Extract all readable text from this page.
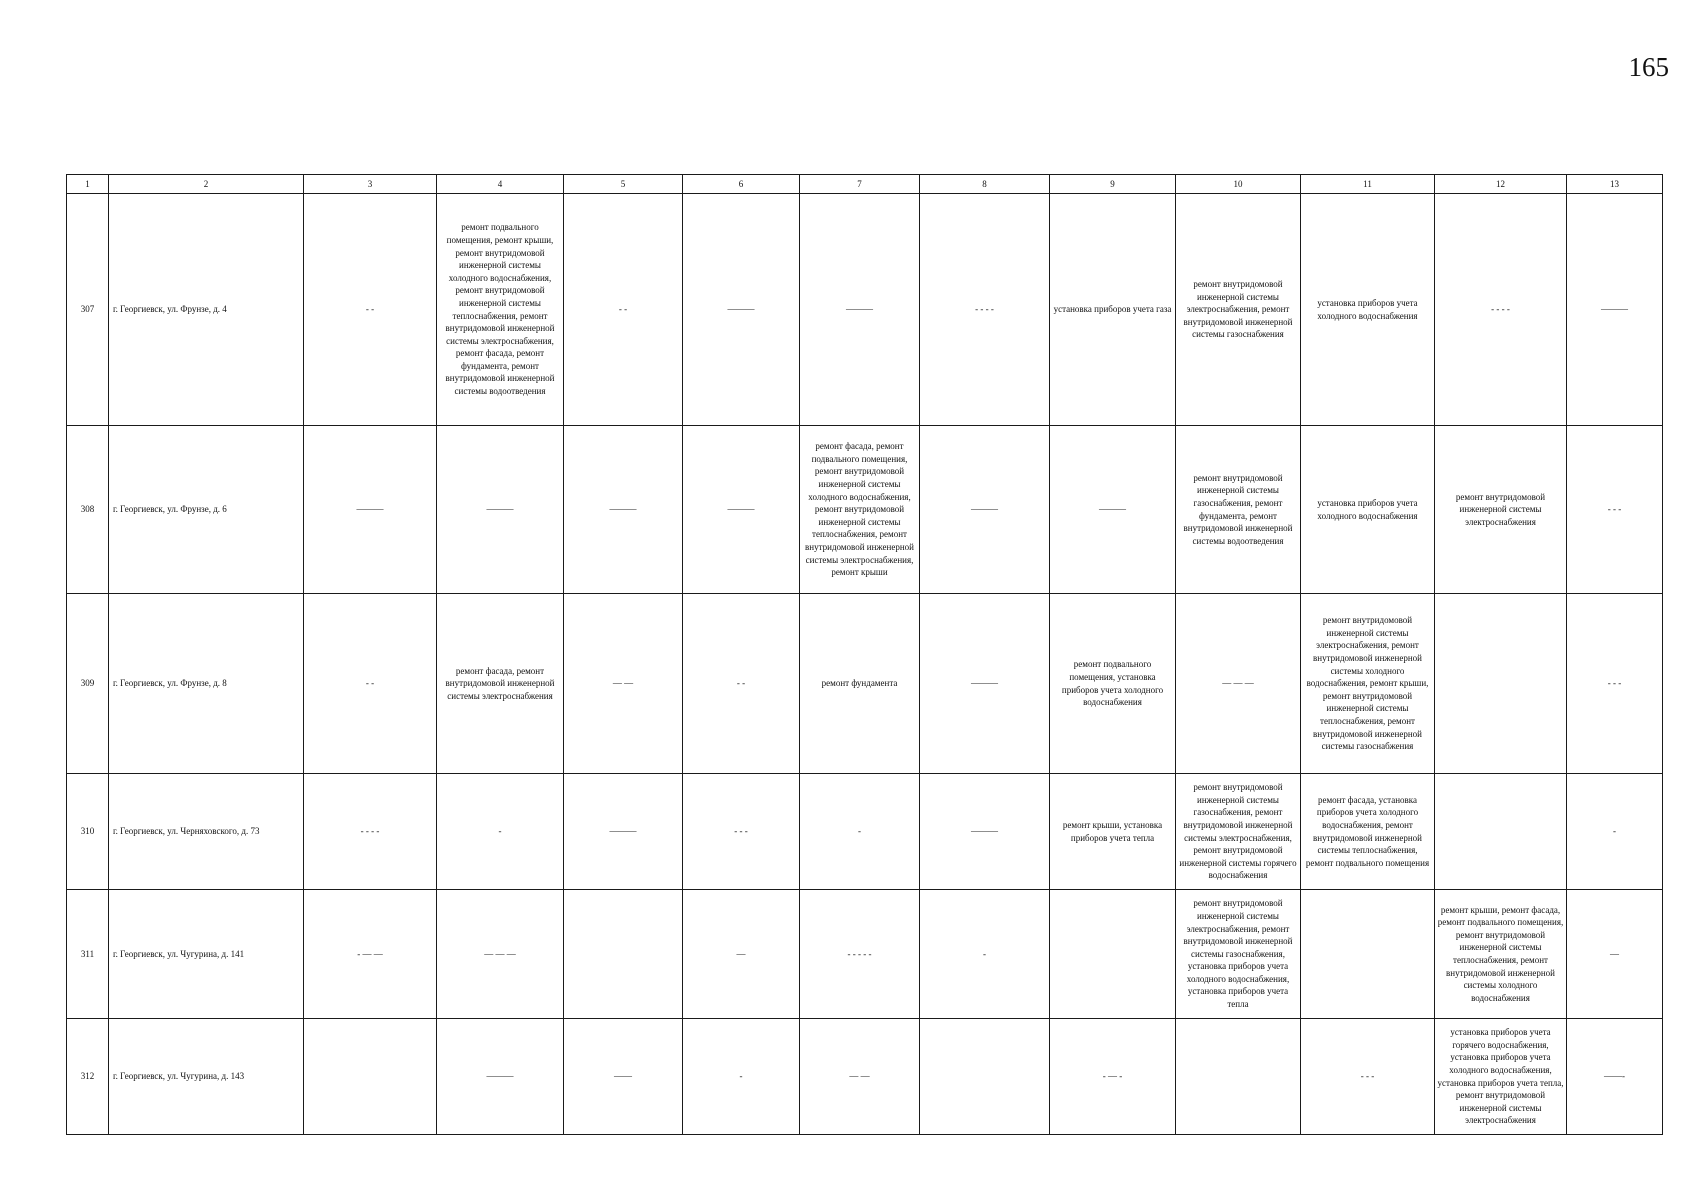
165
1	2	3	4	5	6	7	8	9	10	11	12	13
307	г. Георгиевск, ул. Фрунзе, д. 4	- -	ремонт подвального помещения, ремонт крыши, ремонт внутридомовой инженерной системы холодного водоснабжения, ремонт внутридомовой инженерной системы теплоснабжения, ремонт внутридомовой инженерной системы электроснабжения, ремонт фасада, ремонт фундамента, ремонт внутридомовой инженерной системы водоотведения	- -	———	———	- - - -	установка приборов учета газа	ремонт внутридомовой инженерной системы электроснабжения, ремонт внутридомовой инженерной системы газоснабжения	установка приборов учета холодного водоснабжения	- - - -	———
308	г. Георгиевск, ул. Фрунзе, д. 6	———	———	———	———	ремонт фасада, ремонт подвального помещения, ремонт внутридомовой инженерной системы холодного водоснабжения, ремонт внутридомовой инженерной системы теплоснабжения, ремонт внутридомовой инженерной системы электроснабжения, ремонт крыши	———	———	ремонт внутридомовой инженерной системы газоснабжения, ремонт фундамента, ремонт внутридомовой инженерной системы водоотведения	установка приборов учета холодного водоснабжения	ремонт внутридомовой инженерной системы электроснабжения	- - -
309	г. Георгиевск, ул. Фрунзе, д. 8	- -	ремонт фасада, ремонт внутридомовой инженерной системы электроснабжения	— —	- -	ремонт фундамента	———	ремонт подвального помещения, установка приборов учета холодного водоснабжения	— — —	ремонт внутридомовой инженерной системы электроснабжения, ремонт внутридомовой инженерной системы холодного водоснабжения, ремонт крыши, ремонт внутридомовой инженерной системы теплоснабжения, ремонт внутридомовой инженерной системы газоснабжения		- - -
310	г. Георгиевск, ул. Черняховского, д. 73	- - - -	-	———	- - -	-	———	ремонт крыши, установка приборов учета тепла	ремонт внутридомовой инженерной системы газоснабжения, ремонт внутридомовой инженерной системы электроснабжения, ремонт внутридомовой инженерной системы горячего водоснабжения	ремонт фасада, установка приборов учета холодного водоснабжения, ремонт внутридомовой инженерной системы теплоснабжения, ремонт подвального помещения		-
311	г. Георгиевск, ул. Чугурина, д. 141	- — —	— — —		—	- - - - -	-		ремонт внутридомовой инженерной системы электроснабжения, ремонт внутридомовой инженерной системы газоснабжения, установка приборов учета холодного водоснабжения, установка приборов учета тепла		ремонт крыши, ремонт фасада, ремонт подвального помещения, ремонт внутридомовой инженерной системы теплоснабжения, ремонт внутридомовой инженерной системы холодного водоснабжения	—
312	г. Георгиевск, ул. Чугурина, д. 143		———	——	-	— —		- — -		- - -	установка приборов учета горячего водоснабжения, установка приборов учета холодного водоснабжения, установка приборов учета тепла, ремонт внутридомовой инженерной системы электроснабжения	——-
